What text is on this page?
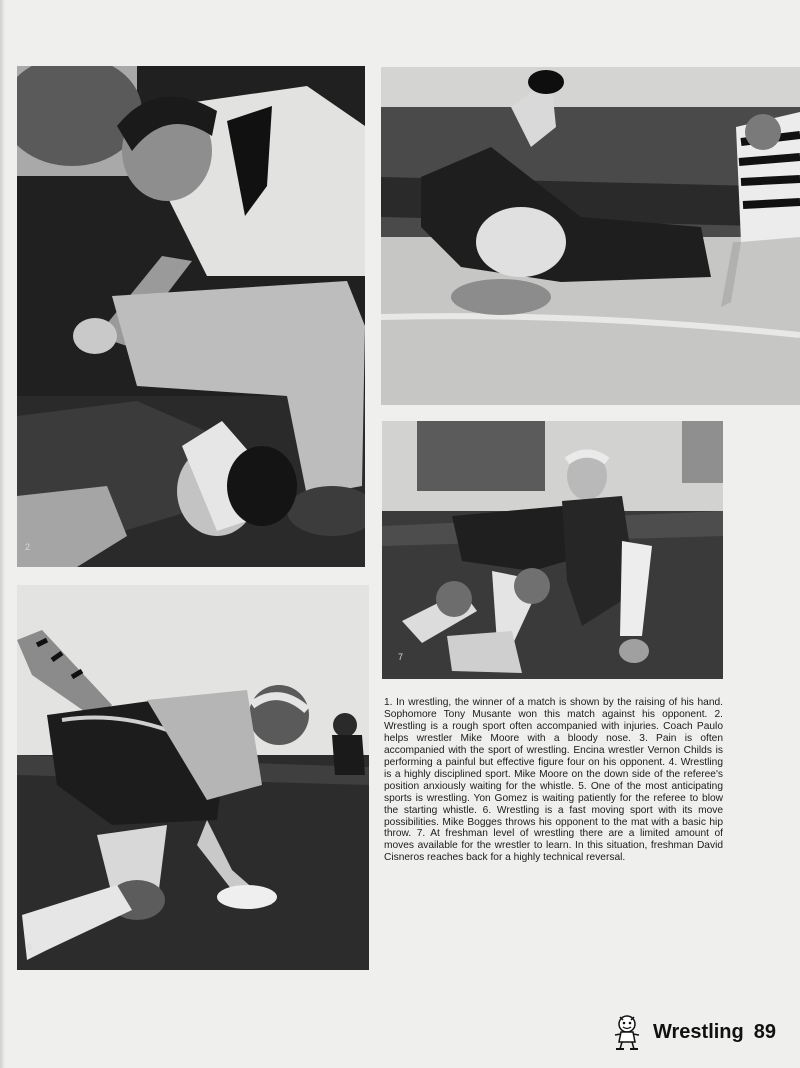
2
7
6

1. In wrestling, the winner of a match is shown by the raising of his hand. Sophomore Tony Musante won this match against his opponent. 2. Wrestling is a rough sport often accompanied with injuries. Coach Paulo helps wrestler Mike Moore with a bloody nose. 3. Pain is often accompanied with the sport of wrestling. Encina wrestler Vernon Childs is performing a painful but effective figure four on his opponent. 4. Wrestling is a highly disciplined sport. Mike Moore on the down side of the referee's position anxiously waiting for the whistle. 5. One of the most anticipating sports is wrestling. Yon Gomez is waiting patiently for the referee to blow the starting whistle. 6. Wrestling is a fast moving sport with its move possibilities. Mike Bogges throws his opponent to the mat with a basic hip throw. 7. At freshman level of wrestling there are a limited amount of moves available for the wrestler to learn. In this situation, freshman David Cisneros reaches back for a highly technical reversal.

Wrestling 89
